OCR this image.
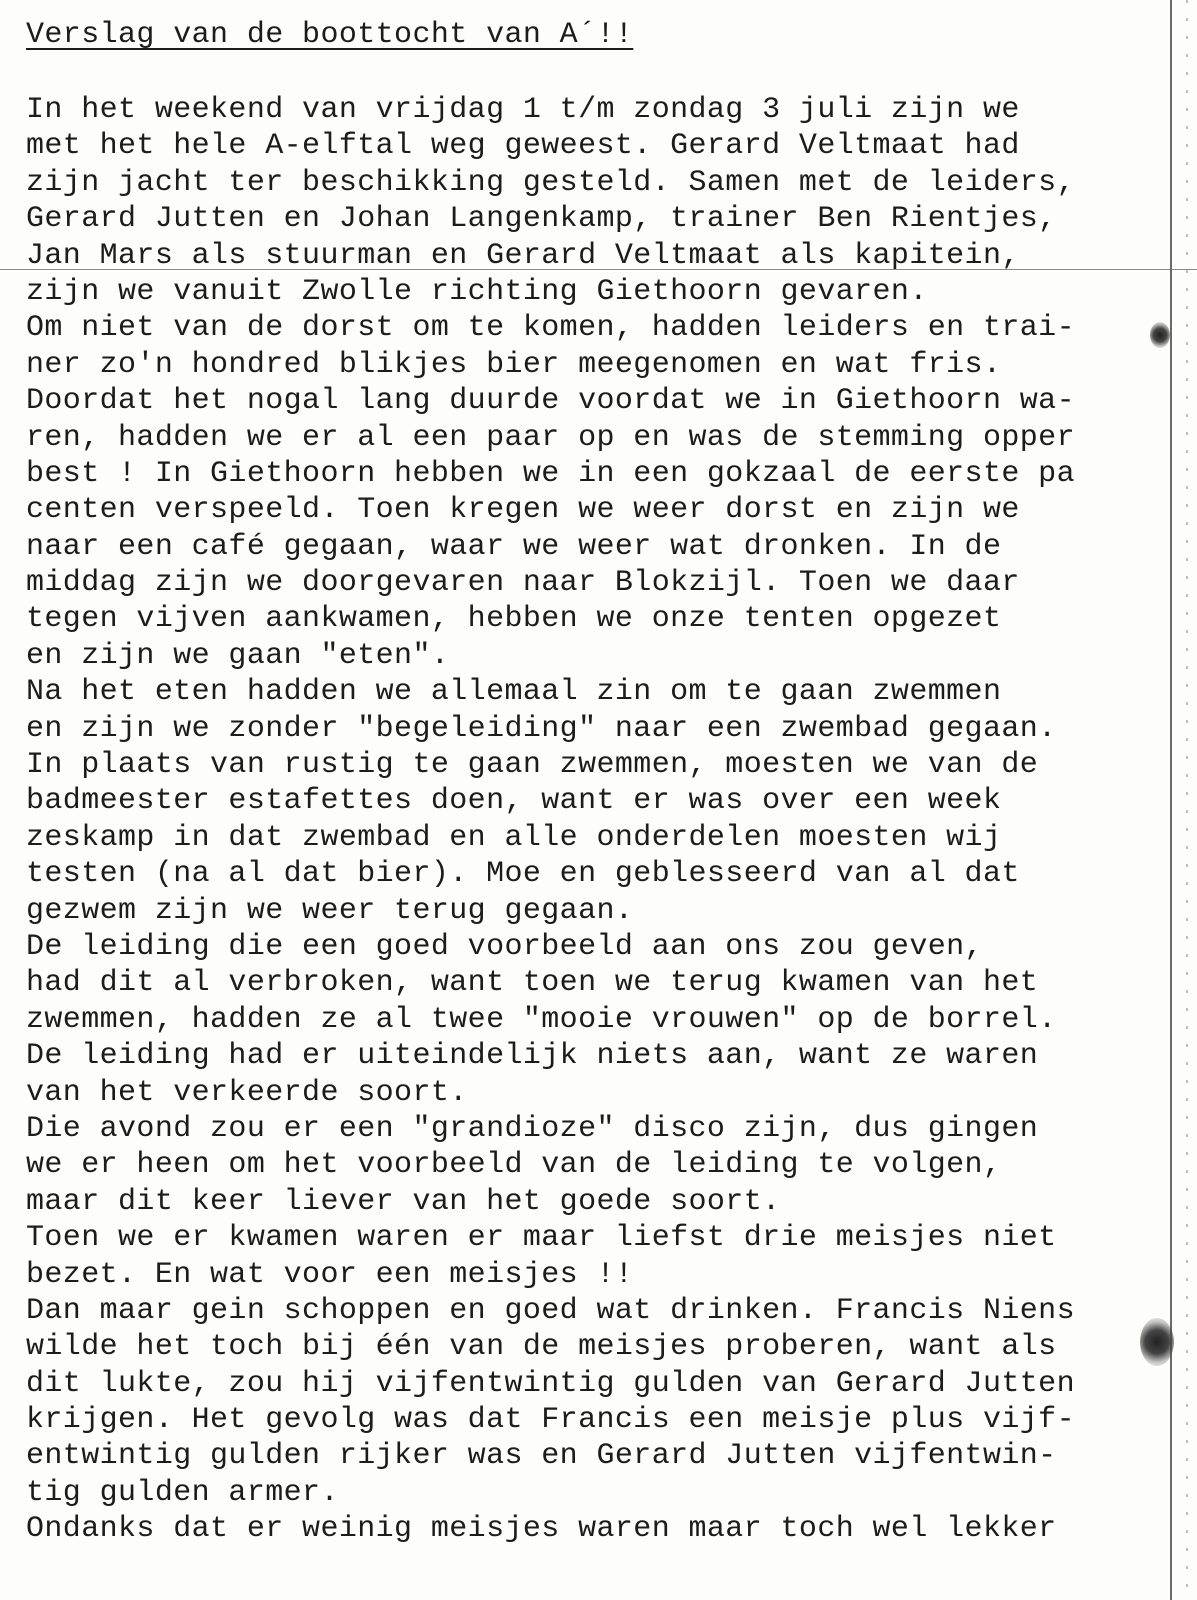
Verslag van de boottocht van A´!!
In het weekend van vrijdag 1 t/m zondag 3 juli zijn we
met het hele A-elftal weg geweest. Gerard Veltmaat had
zijn jacht ter beschikking gesteld. Samen met de leiders,
Gerard Jutten en Johan Langenkamp, trainer Ben Rientjes,
Jan Mars als stuurman en Gerard Veltmaat als kapitein,
zijn we vanuit Zwolle richting Giethoorn gevaren.
Om niet van de dorst om te komen, hadden leiders en trai-
ner zo'n hondred blikjes bier meegenomen en wat fris.
Doordat het nogal lang duurde voordat we in Giethoorn wa-
ren, hadden we er al een paar op en was de stemming opper
best ! In Giethoorn hebben we in een gokzaal de eerste pa
centen verspeeld. Toen kregen we weer dorst en zijn we
naar een café gegaan, waar we weer wat dronken. In de
middag zijn we doorgevaren naar Blokzijl. Toen we daar
tegen vijven aankwamen, hebben we onze tenten opgezet
en zijn we gaan "eten".
Na het eten hadden we allemaal zin om te gaan zwemmen
en zijn we zonder "begeleiding" naar een zwembad gegaan.
In plaats van rustig te gaan zwemmen, moesten we van de
badmeester estafettes doen, want er was over een week
zeskamp in dat zwembad en alle onderdelen moesten wij
testen (na al dat bier). Moe en geblesseerd van al dat
gezwem zijn we weer terug gegaan.
De leiding die een goed voorbeeld aan ons zou geven,
had dit al verbroken, want toen we terug kwamen van het
zwemmen, hadden ze al twee "mooie vrouwen" op de borrel.
De leiding had er uiteindelijk niets aan, want ze waren
van het verkeerde soort.
Die avond zou er een "grandioze" disco zijn, dus gingen
we er heen om het voorbeeld van de leiding te volgen,
maar dit keer liever van het goede soort.
Toen we er kwamen waren er maar liefst drie meisjes niet
bezet. En wat voor een meisjes !!
Dan maar gein schoppen en goed wat drinken. Francis Niens
wilde het toch bij één van de meisjes proberen, want als
dit lukte, zou hij vijfentwintig gulden van Gerard Jutten
krijgen. Het gevolg was dat Francis een meisje plus vijf-
entwintig gulden rijker was en Gerard Jutten vijfentwin-
tig gulden armer.
Ondanks dat er weinig meisjes waren maar toch wel lekker
